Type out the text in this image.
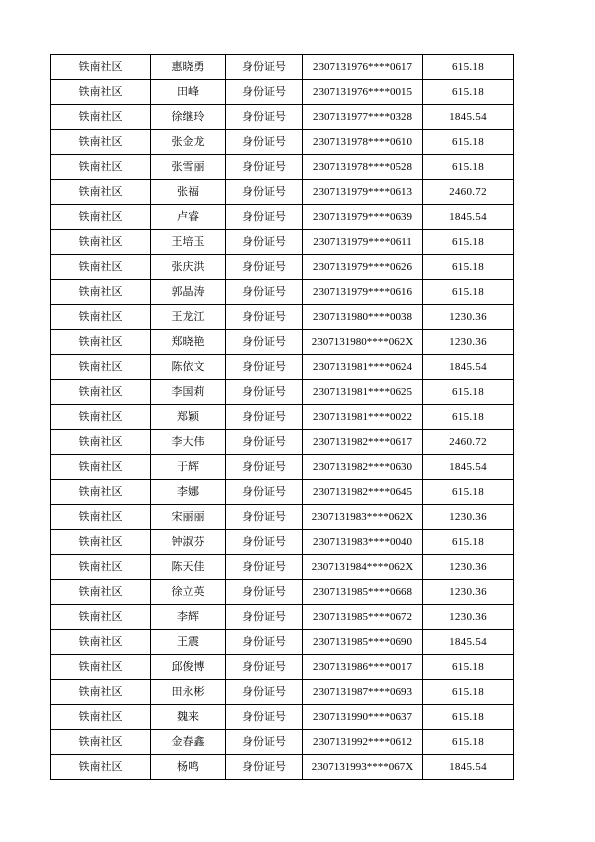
铁南社区	惠晓勇	身份证号	2307131976****0617	615.18
铁南社区	田峰	身份证号	2307131976****0015	615.18
铁南社区	徐继玲	身份证号	2307131977****0328	1845.54
铁南社区	张金龙	身份证号	2307131978****0610	615.18
铁南社区	张雪丽	身份证号	2307131978****0528	615.18
铁南社区	张福	身份证号	2307131979****0613	2460.72
铁南社区	卢睿	身份证号	2307131979****0639	1845.54
铁南社区	王培玉	身份证号	2307131979****0611	615.18
铁南社区	张庆洪	身份证号	2307131979****0626	615.18
铁南社区	郭晶涛	身份证号	2307131979****0616	615.18
铁南社区	王龙江	身份证号	2307131980****0038	1230.36
铁南社区	郑晓艳	身份证号	2307131980****062X	1230.36
铁南社区	陈依文	身份证号	2307131981****0624	1845.54
铁南社区	李国莉	身份证号	2307131981****0625	615.18
铁南社区	郑颖	身份证号	2307131981****0022	615.18
铁南社区	李大伟	身份证号	2307131982****0617	2460.72
铁南社区	于辉	身份证号	2307131982****0630	1845.54
铁南社区	李娜	身份证号	2307131982****0645	615.18
铁南社区	宋丽丽	身份证号	2307131983****062X	1230.36
铁南社区	钟淑芬	身份证号	2307131983****0040	615.18
铁南社区	陈天佳	身份证号	2307131984****062X	1230.36
铁南社区	徐立英	身份证号	2307131985****0668	1230.36
铁南社区	李辉	身份证号	2307131985****0672	1230.36
铁南社区	王震	身份证号	2307131985****0690	1845.54
铁南社区	邱俊博	身份证号	2307131986****0017	615.18
铁南社区	田永彬	身份证号	2307131987****0693	615.18
铁南社区	魏来	身份证号	2307131990****0637	615.18
铁南社区	金春鑫	身份证号	2307131992****0612	615.18
铁南社区	杨鸣	身份证号	2307131993****067X	1845.54
